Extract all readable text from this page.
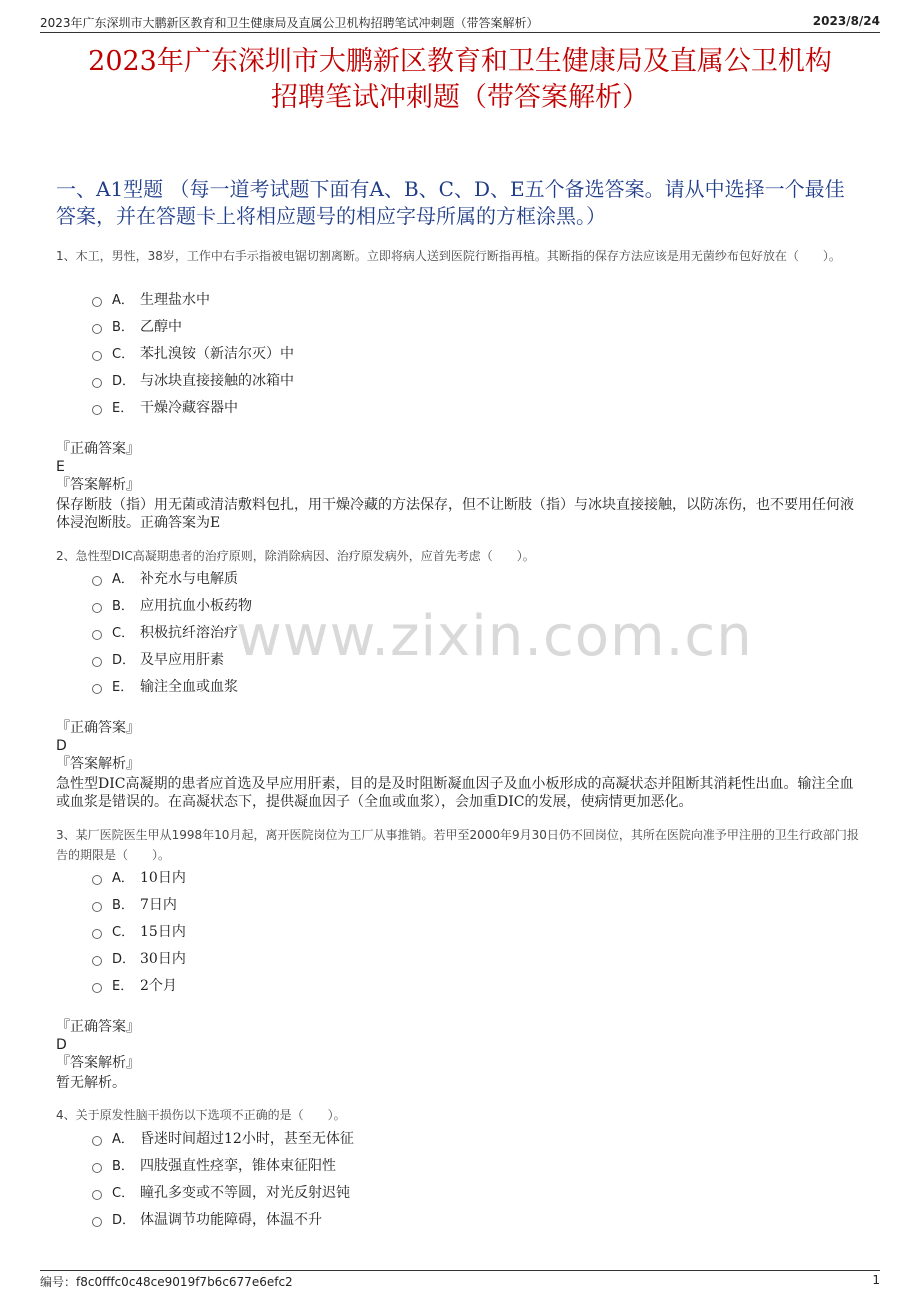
2023年广东深圳市大鹏新区教育和卫生健康局及直属公卫机构招聘笔试冲刺题（带答案解析）	2023/8/24
2023年广东深圳市大鹏新区教育和卫生健康局及直属公卫机构
招聘笔试冲刺题（带答案解析）
一、A1型题 （每一道考试题下面有A、B、C、D、E五个备选答案。请从中选择一个最佳答案，并在答题卡上将相应题号的相应字母所属的方框涂黑。）
www.zixin.com.cn
1、木工，男性，38岁，工作中右手示指被电锯切割离断。立即将病人送到医院行断指再植。其断指的保存方法应该是用无菌纱布包好放在（　　）。
A． 生理盐水中
B． 乙醇中
C． 苯扎溴铵（新洁尔灭）中
D． 与冰块直接接触的冰箱中
E． 干燥冷藏容器中
『正确答案』
E
『答案解析』
保存断肢（指）用无菌或清洁敷料包扎，用干燥冷藏的方法保存，但不让断肢（指）与冰块直接接触，以防冻伤，也不要用任何液体浸泡断肢。正确答案为E
2、急性型DIC高凝期患者的治疗原则，除消除病因、治疗原发病外，应首先考虑（　　）。
A． 补充水与电解质
B． 应用抗血小板药物
C． 积极抗纤溶治疗
D． 及早应用肝素
E． 输注全血或血浆
『正确答案』
D
『答案解析』
急性型DIC高凝期的患者应首选及早应用肝素，目的是及时阻断凝血因子及血小板形成的高凝状态并阻断其消耗性出血。输注全血或血浆是错误的。在高凝状态下，提供凝血因子（全血或血浆），会加重DIC的发展，使病情更加恶化。
3、某厂医院医生甲从1998年10月起，离开医院岗位为工厂从事推销。若甲至2000年9月30日仍不回岗位，其所在医院向准予甲注册的卫生行政部门报告的期限是（　　）。
A． 10日内
B． 7日内
C． 15日内
D． 30日内
E． 2个月
『正确答案』
D
『答案解析』
暂无解析。
4、关于原发性脑干损伤以下选项不正确的是（　　）。
A． 昏迷时间超过12小时，甚至无体征
B． 四肢强直性痉挛，锥体束征阳性
C． 瞳孔多变或不等圆，对光反射迟钝
D． 体温调节功能障碍，体温不升
编号：f8c0fffc0c48ce9019f7b6c677e6efc2	1
